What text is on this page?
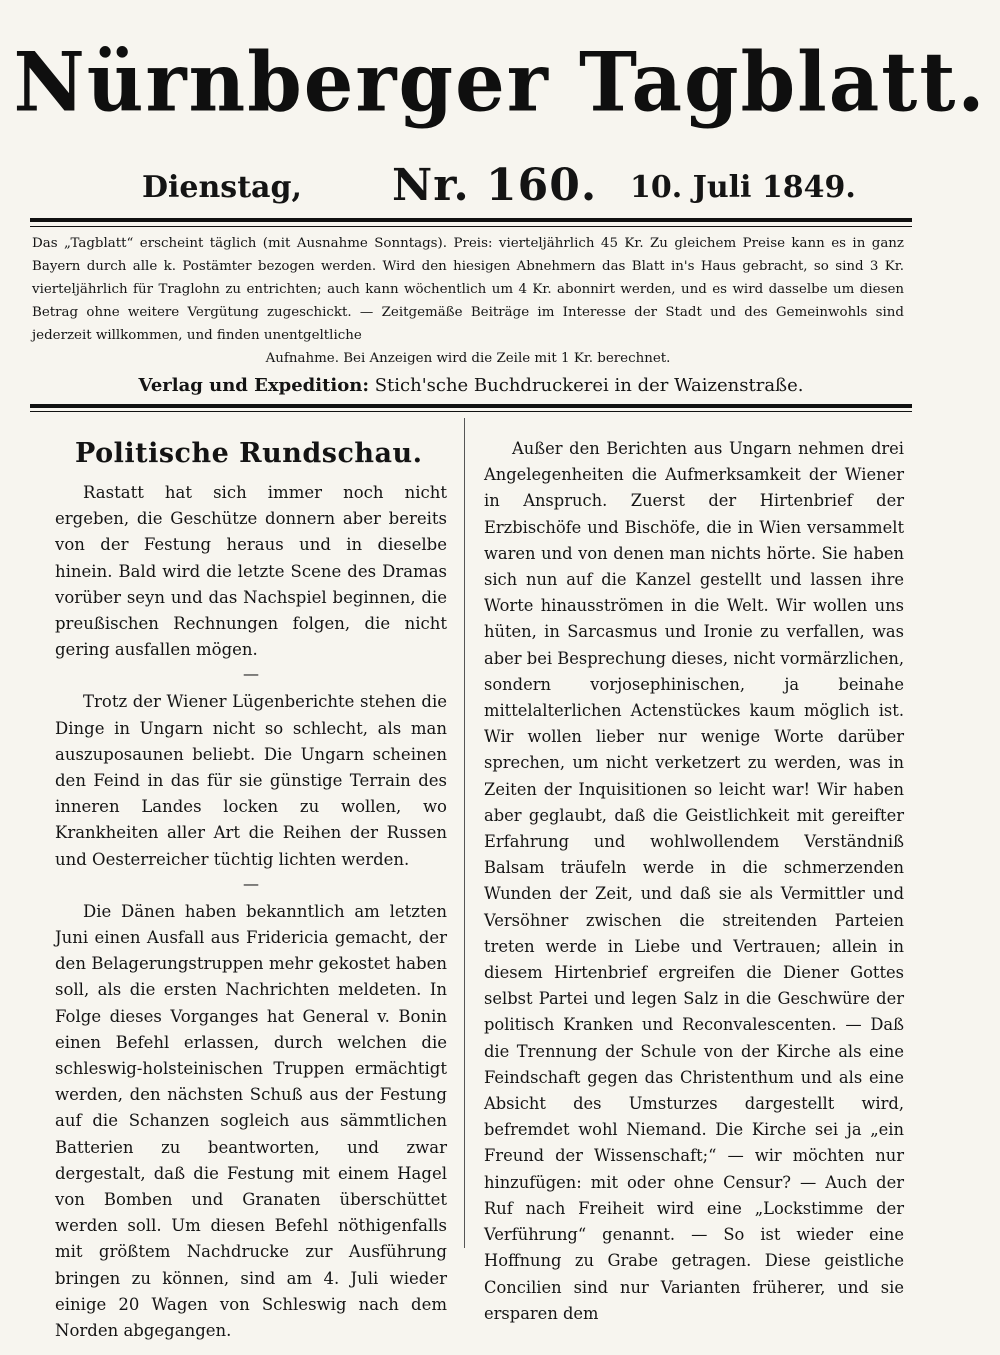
Nürnberger Tagblatt.
Dienstag, Nr. 160. 10. Juli 1849.

Das „Tagblatt“ erscheint täglich (mit Ausnahme Sonntags). Preis: vierteljährlich 45 Kr. Zu gleichem Preise kann es in ganz Bayern durch alle k. Postämter bezogen werden. Wird den hiesigen Abnehmern das Blatt in's Haus gebracht, so sind 3 Kr. vierteljährlich für Traglohn zu entrichten; auch kann wöchentlich um 4 Kr. abonnirt werden, und es wird dasselbe um diesen Betrag ohne weitere Vergütung zugeschickt. — Zeitgemäße Beiträge im Interesse der Stadt und des Gemeinwohls sind jederzeit willkommen, und finden unentgeltliche

Aufnahme. Bei Anzeigen wird die Zeile mit 1 Kr. berechnet.

Verlag und Expedition: Stich'sche Buchdruckerei in der Waizenstraße.
Politische Rundschau.

Rastatt hat sich immer noch nicht ergeben, die Geschütze donnern aber bereits von der Festung heraus und in dieselbe hinein. Bald wird die letzte Scene des Dramas vorüber seyn und das Nachspiel beginnen, die preußischen Rechnungen folgen, die nicht gering ausfallen mögen.

—

Trotz der Wiener Lügenberichte stehen die Dinge in Ungarn nicht so schlecht, als man auszuposaunen beliebt. Die Ungarn scheinen den Feind in das für sie günstige Terrain des inneren Landes locken zu wollen, wo Krankheiten aller Art die Reihen der Russen und Oesterreicher tüchtig lichten werden.

—

Die Dänen haben bekanntlich am letzten Juni einen Ausfall aus Fridericia gemacht, der den Belagerungstruppen mehr gekostet haben soll, als die ersten Nachrichten meldeten. In Folge dieses Vorganges hat General v. Bonin einen Befehl erlassen, durch welchen die schleswig-holsteinischen Truppen ermächtigt werden, den nächsten Schuß aus der Festung auf die Schanzen sogleich aus sämmtlichen Batterien zu beantworten, und zwar dergestalt, daß die Festung mit einem Hagel von Bomben und Granaten überschüttet werden soll. Um diesen Befehl nöthigenfalls mit größtem Nachdrucke zur Ausführung bringen zu können, sind am 4. Juli wieder einige 20 Wagen von Schleswig nach dem Norden abgegangen.

Außer den Berichten aus Ungarn nehmen drei Angelegenheiten die Aufmerksamkeit der Wiener in Anspruch. Zuerst der Hirtenbrief der Erzbischöfe und Bischöfe, die in Wien versammelt waren und von denen man nichts hörte. Sie haben sich nun auf die Kanzel gestellt und lassen ihre Worte hinausströmen in die Welt. Wir wollen uns hüten, in Sarcasmus und Ironie zu verfallen, was aber bei Besprechung dieses, nicht vormärzlichen, sondern vorjosephinischen, ja beinahe mittelalterlichen Actenstückes kaum möglich ist. Wir wollen lieber nur wenige Worte darüber sprechen, um nicht verketzert zu werden, was in Zeiten der Inquisitionen so leicht war! Wir haben aber geglaubt, daß die Geistlichkeit mit gereifter Erfahrung und wohlwollendem Verständniß Balsam träufeln werde in die schmerzenden Wunden der Zeit, und daß sie als Vermittler und Versöhner zwischen die streitenden Parteien treten werde in Liebe und Vertrauen; allein in diesem Hirtenbrief ergreifen die Diener Gottes selbst Partei und legen Salz in die Geschwüre der politisch Kranken und Reconvalescenten. — Daß die Trennung der Schule von der Kirche als eine Feindschaft gegen das Christenthum und als eine Absicht des Umsturzes dargestellt wird, befremdet wohl Niemand. Die Kirche sei ja „ein Freund der Wissenschaft;“ — wir möchten nur hinzufügen: mit oder ohne Censur? — Auch der Ruf nach Freiheit wird eine „Lockstimme der Verführung“ genannt. — So ist wieder eine Hoffnung zu Grabe getragen. Diese geistliche Concilien sind nur Varianten früherer, und sie ersparen dem
